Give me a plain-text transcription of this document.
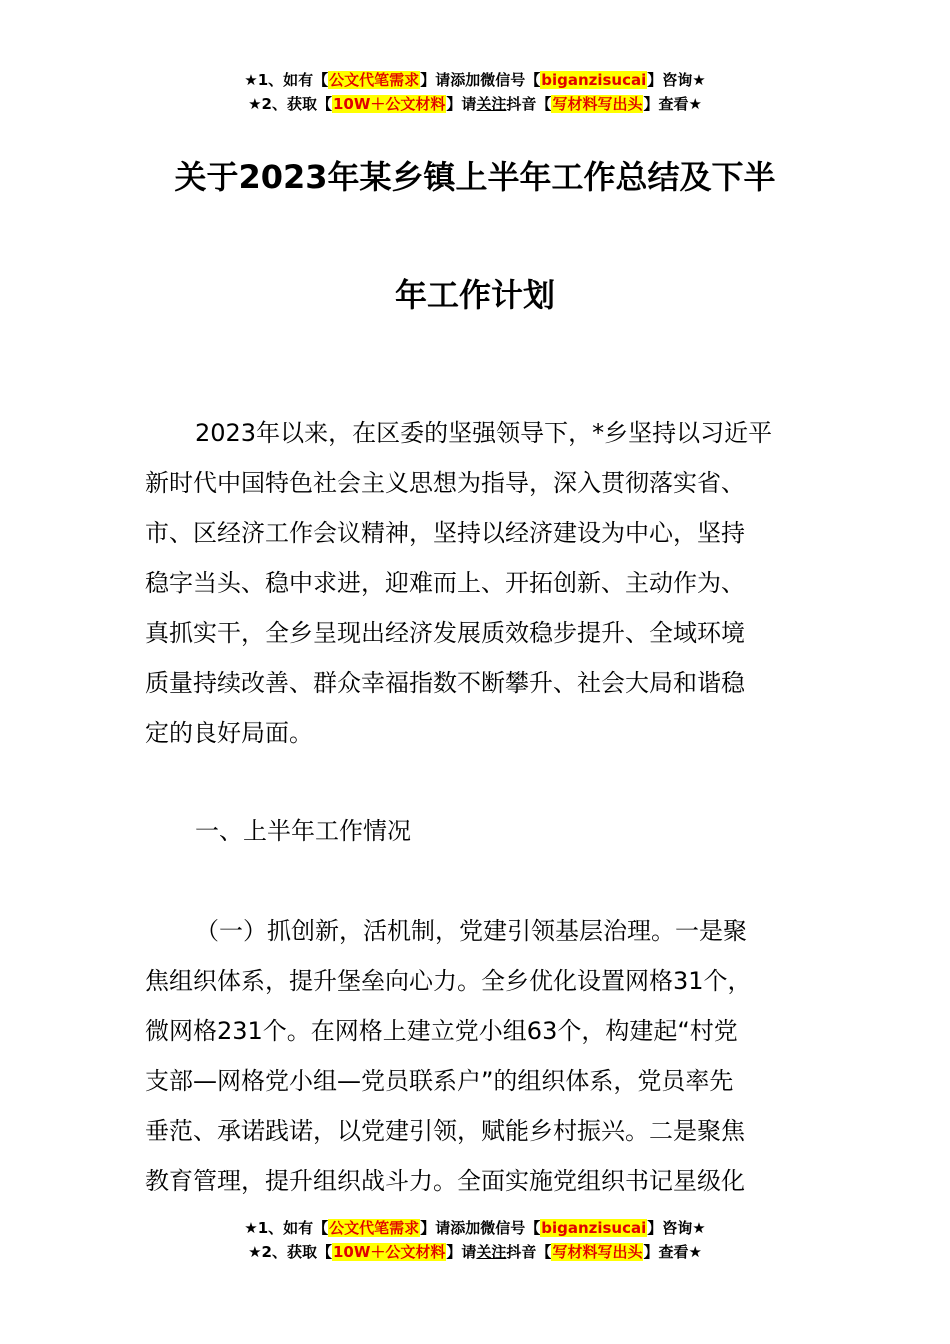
★1、如有【公文代笔需求】请添加微信号【biganzisucai】咨询★
★2、获取【10W＋公文材料】请关注抖音【写材料写出头】查看★
关于2023年某乡镇上半年工作总结及下半
年工作计划
2023年以来，在区委的坚强领导下，*乡坚持以习近平
新时代中国特色社会主义思想为指导，深入贯彻落实省、
市、区经济工作会议精神，坚持以经济建设为中心，坚持
稳字当头、稳中求进，迎难而上、开拓创新、主动作为、
真抓实干，全乡呈现出经济发展质效稳步提升、全域环境
质量持续改善、群众幸福指数不断攀升、社会大局和谐稳
定的良好局面。
一、上半年工作情况
（一）抓创新，活机制，党建引领基层治理。一是聚
焦组织体系，提升堡垒向心力。全乡优化设置网格31个，
微网格231个。在网格上建立党小组63个，构建起“村党
支部—网格党小组—党员联系户”的组织体系，党员率先
垂范、承诺践诺，以党建引领，赋能乡村振兴。二是聚焦
教育管理，提升组织战斗力。全面实施党组织书记星级化
★1、如有【公文代笔需求】请添加微信号【biganzisucai】咨询★
★2、获取【10W＋公文材料】请关注抖音【写材料写出头】查看★
